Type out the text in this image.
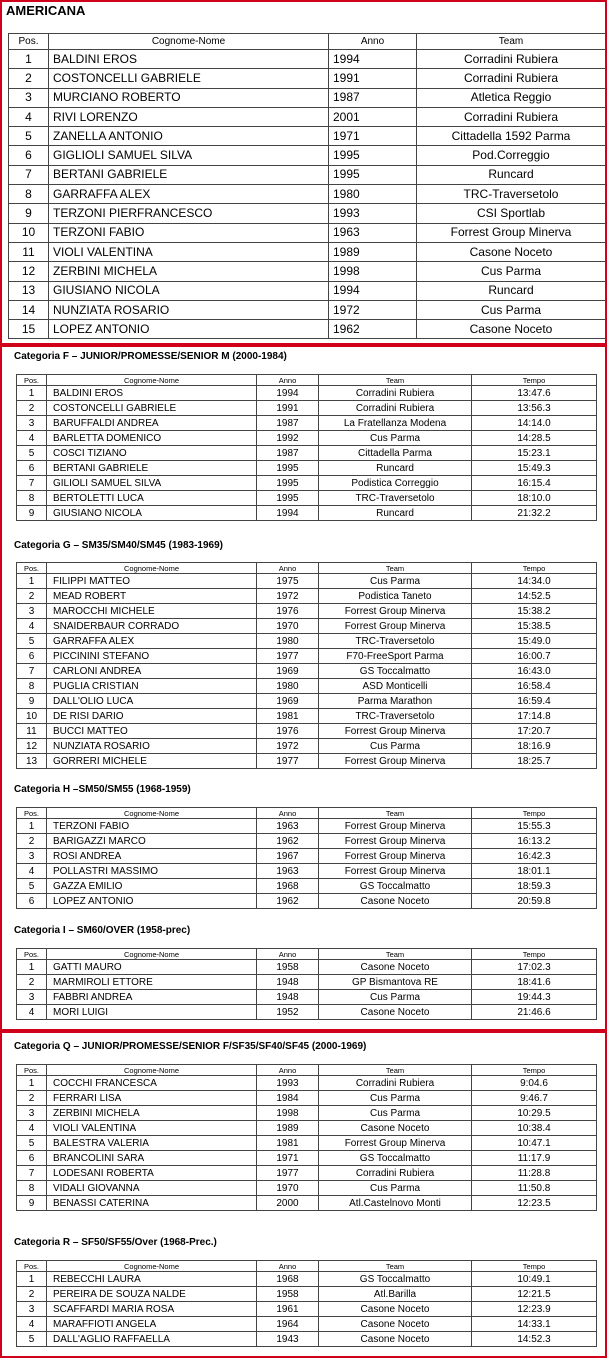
AMERICANA
Pos.	Cognome-Nome	Anno	Team
1	BALDINI EROS	1994	Corradini Rubiera
2	COSTONCELLI GABRIELE	1991	Corradini Rubiera
3	MURCIANO ROBERTO	1987	Atletica Reggio
4	RIVI LORENZO	2001	Corradini Rubiera
5	ZANELLA ANTONIO	1971	Cittadella 1592 Parma
6	GIGLIOLI SAMUEL SILVA	1995	Pod.Correggio
7	BERTANI GABRIELE	1995	Runcard
8	GARRAFFA ALEX	1980	TRC-Traversetolo
9	TERZONI PIERFRANCESCO	1993	CSI Sportlab
10	TERZONI FABIO	1963	Forrest Group Minerva
11	VIOLI VALENTINA	1989	Casone Noceto
12	ZERBINI MICHELA	1998	Cus Parma
13	GIUSIANO NICOLA	1994	Runcard
14	NUNZIATA ROSARIO	1972	Cus Parma
15	LOPEZ ANTONIO	1962	Casone Noceto
Categoria F – JUNIOR/PROMESSE/SENIOR M (2000-1984)
Pos.	Cognome-Nome	Anno	Team	Tempo
1	BALDINI EROS	1994	Corradini Rubiera	13:47.6
2	COSTONCELLI GABRIELE	1991	Corradini Rubiera	13:56.3
3	BARUFFALDI ANDREA	1987	La Fratellanza Modena	14:14.0
4	BARLETTA DOMENICO	1992	Cus Parma	14:28.5
5	COSCI TIZIANO	1987	Cittadella Parma	15:23.1
6	BERTANI GABRIELE	1995	Runcard	15:49.3
7	GILIOLI SAMUEL SILVA	1995	Podistica Correggio	16:15.4
8	BERTOLETTI LUCA	1995	TRC-Traversetolo	18:10.0
9	GIUSIANO NICOLA	1994	Runcard	21:32.2
Categoria G – SM35/SM40/SM45 (1983-1969)
Pos.	Cognome-Nome	Anno	Team	Tempo
1	FILIPPI MATTEO	1975	Cus Parma	14:34.0
2	MEAD ROBERT	1972	Podistica Taneto	14:52.5
3	MAROCCHI MICHELE	1976	Forrest Group Minerva	15:38.2
4	SNAIDERBAUR CORRADO	1970	Forrest Group Minerva	15:38.5
5	GARRAFFA ALEX	1980	TRC-Traversetolo	15:49.0
6	PICCININI STEFANO	1977	F70-FreeSport Parma	16:00.7
7	CARLONI ANDREA	1969	GS Toccalmatto	16:43.0
8	PUGLIA CRISTIAN	1980	ASD Monticelli	16:58.4
9	DALL'OLIO LUCA	1969	Parma Marathon	16:59.4
10	DE RISI DARIO	1981	TRC-Traversetolo	17:14.8
11	BUCCI MATTEO	1976	Forrest Group Minerva	17:20.7
12	NUNZIATA ROSARIO	1972	Cus Parma	18:16.9
13	GORRERI MICHELE	1977	Forrest Group Minerva	18:25.7
Categoria H –SM50/SM55 (1968-1959)
Pos.	Cognome-Nome	Anno	Team	Tempo
1	TERZONI FABIO	1963	Forrest Group Minerva	15:55.3
2	BARIGAZZI MARCO	1962	Forrest Group Minerva	16:13.2
3	ROSI ANDREA	1967	Forrest Group Minerva	16:42.3
4	POLLASTRI MASSIMO	1963	Forrest Group Minerva	18:01.1
5	GAZZA EMILIO	1968	GS Toccalmatto	18:59.3
6	LOPEZ ANTONIO	1962	Casone Noceto	20:59.8
Categoria I – SM60/OVER (1958-prec)
Pos.	Cognome-Nome	Anno	Team	Tempo
1	GATTI MAURO	1958	Casone Noceto	17:02.3
2	MARMIROLI ETTORE	1948	GP Bismantova RE	18:41.6
3	FABBRI ANDREA	1948	Cus Parma	19:44.3
4	MORI LUIGI	1952	Casone Noceto	21:46.6
Categoria Q – JUNIOR/PROMESSE/SENIOR F/SF35/SF40/SF45 (2000-1969)
Pos.	Cognome-Nome	Anno	Team	Tempo
1	COCCHI FRANCESCA	1993	Corradini Rubiera	9:04.6
2	FERRARI LISA	1984	Cus Parma	9:46.7
3	ZERBINI MICHELA	1998	Cus Parma	10:29.5
4	VIOLI VALENTINA	1989	Casone Noceto	10:38.4
5	BALESTRA VALERIA	1981	Forrest Group Minerva	10:47.1
6	BRANCOLINI SARA	1971	GS Toccalmatto	11:17.9
7	LODESANI ROBERTA	1977	Corradini Rubiera	11:28.8
8	VIDALI GIOVANNA	1970	Cus Parma	11:50.8
9	BENASSI CATERINA	2000	Atl.Castelnovo Monti	12:23.5
Categoria R – SF50/SF55/Over (1968-Prec.)
Pos.	Cognome-Nome	Anno	Team	Tempo
1	REBECCHI LAURA	1968	GS Toccalmatto	10:49.1
2	PEREIRA DE SOUZA NALDE	1958	Atl.Barilla	12:21.5
3	SCAFFARDI MARIA ROSA	1961	Casone Noceto	12:23.9
4	MARAFFIOTI ANGELA	1964	Casone Noceto	14:33.1
5	DALL'AGLIO RAFFAELLA	1943	Casone Noceto	14:52.3
